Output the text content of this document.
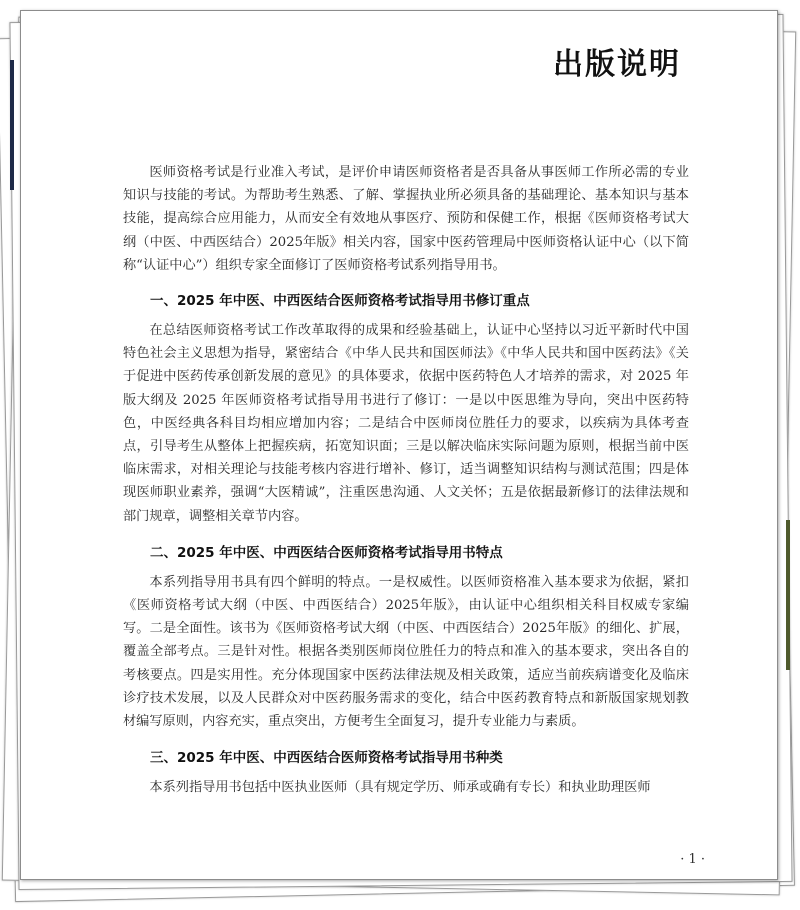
出版说明

医师资格考试是行业准入考试，是评价申请医师资格者是否具备从事医师工作所必需的专业知识与技能的考试。为帮助考生熟悉、了解、掌握执业所必须具备的基础理论、基本知识与基本技能，提高综合应用能力，从而安全有效地从事医疗、预防和保健工作，根据《医师资格考试大纲（中医、中西医结合）2025年版》相关内容，国家中医药管理局中医师资格认证中心（以下简称“认证中心”）组织专家全面修订了医师资格考试系列指导用书。

一、2025 年中医、中西医结合医师资格考试指导用书修订重点

在总结医师资格考试工作改革取得的成果和经验基础上，认证中心坚持以习近平新时代中国特色社会主义思想为指导，紧密结合《中华人民共和国医师法》《中华人民共和国中医药法》《关于促进中医药传承创新发展的意见》的具体要求，依据中医药特色人才培养的需求，对 2025 年版大纲及 2025 年医师资格考试指导用书进行了修订：一是以中医思维为导向，突出中医药特色，中医经典各科目均相应增加内容；二是结合中医师岗位胜任力的要求，以疾病为具体考查点，引导考生从整体上把握疾病，拓宽知识面；三是以解决临床实际问题为原则，根据当前中医临床需求，对相关理论与技能考核内容进行增补、修订，适当调整知识结构与测试范围；四是体现医师职业素养，强调“大医精诚”，注重医患沟通、人文关怀；五是依据最新修订的法律法规和部门规章，调整相关章节内容。

二、2025 年中医、中西医结合医师资格考试指导用书特点

本系列指导用书具有四个鲜明的特点。一是权威性。以医师资格准入基本要求为依据，紧扣《医师资格考试大纲（中医、中西医结合）2025年版》，由认证中心组织相关科目权威专家编写。二是全面性。该书为《医师资格考试大纲（中医、中西医结合）2025年版》的细化、扩展，覆盖全部考点。三是针对性。根据各类别医师岗位胜任力的特点和准入的基本要求，突出各自的考核要点。四是实用性。充分体现国家中医药法律法规及相关政策，适应当前疾病谱变化及临床诊疗技术发展，以及人民群众对中医药服务需求的变化，结合中医药教育特点和新版国家规划教材编写原则，内容充实，重点突出，方便考生全面复习，提升专业能力与素质。

三、2025 年中医、中西医结合医师资格考试指导用书种类

本系列指导用书包括中医执业医师（具有规定学历、师承或确有专长）和执业助理医师

· 1 ·
